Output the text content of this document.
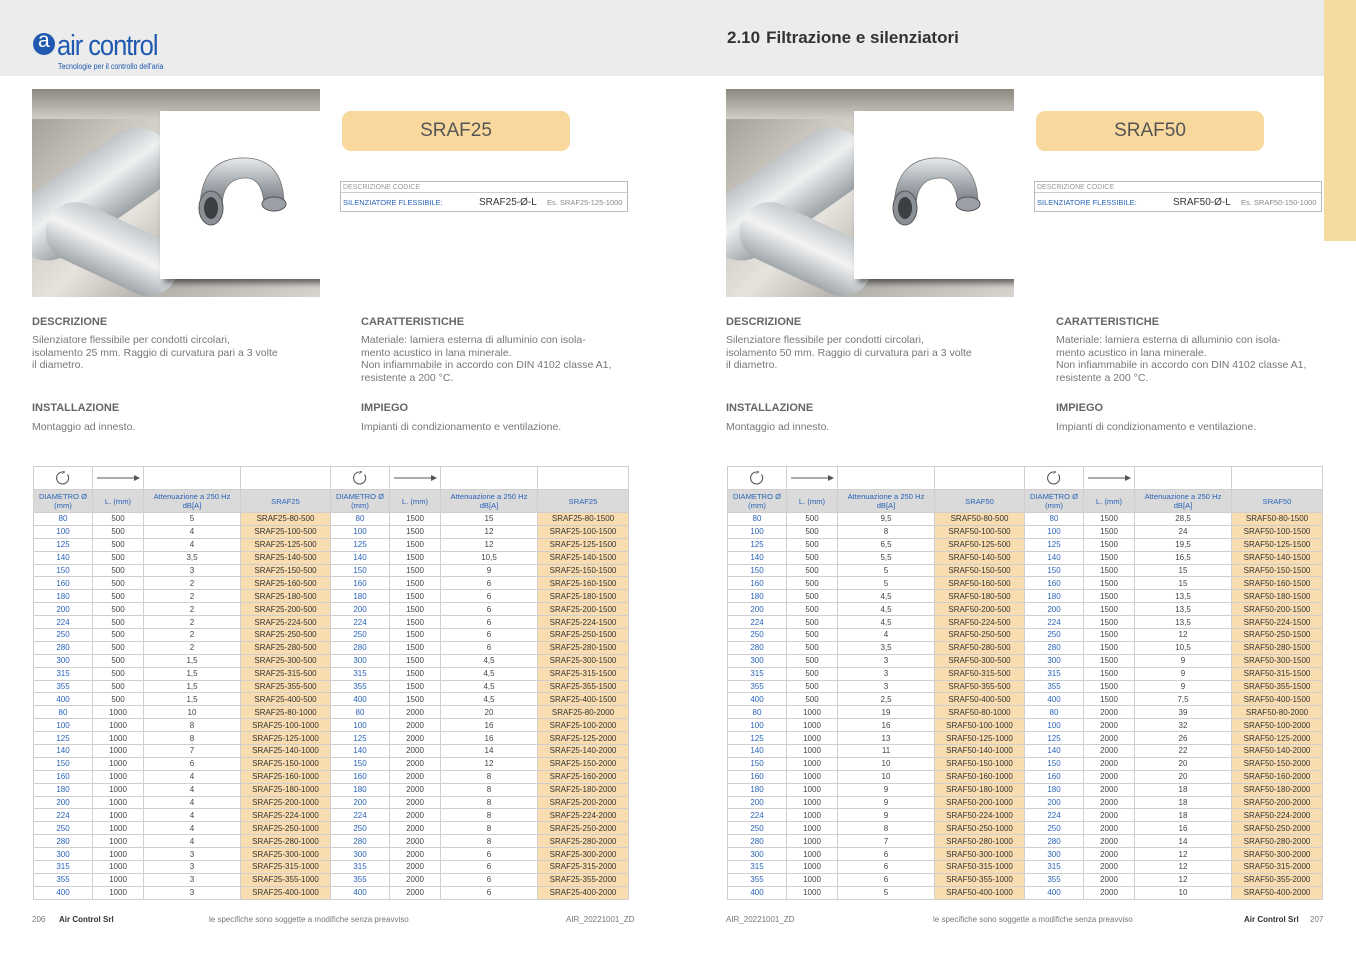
a
air control
Tecnologie per il controllo dell'aria
2.10 Filtrazione e silenziatori
SRAF25
DESCRIZIONE CODICE
SILENZIATORE FLESSIBILE:	SRAF25-Ø-L	Es. SRAF25-125-1000
DESCRIZIONE
Silenziatore flessibile per condotti circolari,
isolamento 25 mm. Raggio di curvatura pari a 3 volte
il diametro.
CARATTERISTICHE
Materiale: lamiera esterna di alluminio con isola-
mento acustico in lana minerale.
Non infiammabile in accordo con DIN 4102 classe A1,
resistente a 200 °C.
INSTALLAZIONE
Montaggio ad innesto.
IMPIEGO
Impianti di condizionamento e ventilazione.

DIAMETRO Ø (mm)	L. (mm)	Attenuazione a 250 Hz dB[A]	SRAF25	DIAMETRO Ø (mm)	L. (mm)	Attenuazione a 250 Hz dB[A]	SRAF25
80	500	5	SRAF25-80-500	80	1500	15	SRAF25-80-1500
100	500	4	SRAF25-100-500	100	1500	12	SRAF25-100-1500
125	500	4	SRAF25-125-500	125	1500	12	SRAF25-125-1500
140	500	3,5	SRAF25-140-500	140	1500	10,5	SRAF25-140-1500
150	500	3	SRAF25-150-500	150	1500	9	SRAF25-150-1500
160	500	2	SRAF25-160-500	160	1500	6	SRAF25-160-1500
180	500	2	SRAF25-180-500	180	1500	6	SRAF25-180-1500
200	500	2	SRAF25-200-500	200	1500	6	SRAF25-200-1500
224	500	2	SRAF25-224-500	224	1500	6	SRAF25-224-1500
250	500	2	SRAF25-250-500	250	1500	6	SRAF25-250-1500
280	500	2	SRAF25-280-500	280	1500	6	SRAF25-280-1500
300	500	1,5	SRAF25-300-500	300	1500	4,5	SRAF25-300-1500
315	500	1,5	SRAF25-315-500	315	1500	4,5	SRAF25-315-1500
355	500	1,5	SRAF25-355-500	355	1500	4,5	SRAF25-355-1500
400	500	1,5	SRAF25-400-500	400	1500	4,5	SRAF25-400-1500
80	1000	10	SRAF25-80-1000	80	2000	20	SRAF25-80-2000
100	1000	8	SRAF25-100-1000	100	2000	16	SRAF25-100-2000
125	1000	8	SRAF25-125-1000	125	2000	16	SRAF25-125-2000
140	1000	7	SRAF25-140-1000	140	2000	14	SRAF25-140-2000
150	1000	6	SRAF25-150-1000	150	2000	12	SRAF25-150-2000
160	1000	4	SRAF25-160-1000	160	2000	8	SRAF25-160-2000
180	1000	4	SRAF25-180-1000	180	2000	8	SRAF25-180-2000
200	1000	4	SRAF25-200-1000	200	2000	8	SRAF25-200-2000
224	1000	4	SRAF25-224-1000	224	2000	8	SRAF25-224-2000
250	1000	4	SRAF25-250-1000	250	2000	8	SRAF25-250-2000
280	1000	4	SRAF25-280-1000	280	2000	8	SRAF25-280-2000
300	1000	3	SRAF25-300-1000	300	2000	6	SRAF25-300-2000
315	1000	3	SRAF25-315-1000	315	2000	6	SRAF25-315-2000
355	1000	3	SRAF25-355-1000	355	2000	6	SRAF25-355-2000
400	1000	3	SRAF25-400-1000	400	2000	6	SRAF25-400-2000
206 Air Control Srl	le specifiche sono soggette a modifiche senza preavviso	AIR_20221001_ZD
SRAF50
DESCRIZIONE CODICE
SILENZIATORE FLESSIBILE:	SRAF50-Ø-L	Es. SRAF50-150-1000
DESCRIZIONE
Silenziatore flessibile per condotti circolari,
isolamento 50 mm. Raggio di curvatura pari a 3 volte
il diametro.
CARATTERISTICHE
Materiale: lamiera esterna di alluminio con isola-
mento acustico in lana minerale.
Non infiammabile in accordo con DIN 4102 classe A1,
resistente a 200 °C.
INSTALLAZIONE
Montaggio ad innesto.
IMPIEGO
Impianti di condizionamento e ventilazione.

DIAMETRO Ø (mm)	L. (mm)	Attenuazione a 250 Hz dB[A]	SRAF50	DIAMETRO Ø (mm)	L. (mm)	Attenuazione a 250 Hz dB[A]	SRAF50
80	500	9,5	SRAF50-80-500	80	1500	28,5	SRAF50-80-1500
100	500	8	SRAF50-100-500	100	1500	24	SRAF50-100-1500
125	500	6,5	SRAF50-125-500	125	1500	19,5	SRAF50-125-1500
140	500	5,5	SRAF50-140-500	140	1500	16,5	SRAF50-140-1500
150	500	5	SRAF50-150-500	150	1500	15	SRAF50-150-1500
160	500	5	SRAF50-160-500	160	1500	15	SRAF50-160-1500
180	500	4,5	SRAF50-180-500	180	1500	13,5	SRAF50-180-1500
200	500	4,5	SRAF50-200-500	200	1500	13,5	SRAF50-200-1500
224	500	4,5	SRAF50-224-500	224	1500	13,5	SRAF50-224-1500
250	500	4	SRAF50-250-500	250	1500	12	SRAF50-250-1500
280	500	3,5	SRAF50-280-500	280	1500	10,5	SRAF50-280-1500
300	500	3	SRAF50-300-500	300	1500	9	SRAF50-300-1500
315	500	3	SRAF50-315-500	315	1500	9	SRAF50-315-1500
355	500	3	SRAF50-355-500	355	1500	9	SRAF50-355-1500
400	500	2,5	SRAF50-400-500	400	1500	7,5	SRAF50-400-1500
80	1000	19	SRAF50-80-1000	80	2000	39	SRAF50-80-2000
100	1000	16	SRAF50-100-1000	100	2000	32	SRAF50-100-2000
125	1000	13	SRAF50-125-1000	125	2000	26	SRAF50-125-2000
140	1000	11	SRAF50-140-1000	140	2000	22	SRAF50-140-2000
150	1000	10	SRAF50-150-1000	150	2000	20	SRAF50-150-2000
160	1000	10	SRAF50-160-1000	160	2000	20	SRAF50-160-2000
180	1000	9	SRAF50-180-1000	180	2000	18	SRAF50-180-2000
200	1000	9	SRAF50-200-1000	200	2000	18	SRAF50-200-2000
224	1000	9	SRAF50-224-1000	224	2000	18	SRAF50-224-2000
250	1000	8	SRAF50-250-1000	250	2000	16	SRAF50-250-2000
280	1000	7	SRAF50-280-1000	280	2000	14	SRAF50-280-2000
300	1000	6	SRAF50-300-1000	300	2000	12	SRAF50-300-2000
315	1000	6	SRAF50-315-1000	315	2000	12	SRAF50-315-2000
355	1000	6	SRAF50-355-1000	355	2000	12	SRAF50-355-2000
400	1000	5	SRAF50-400-1000	400	2000	10	SRAF50-400-2000
AIR_20221001_ZD	le specifiche sono soggette a modifiche senza preavviso	Air Control Srl 207
